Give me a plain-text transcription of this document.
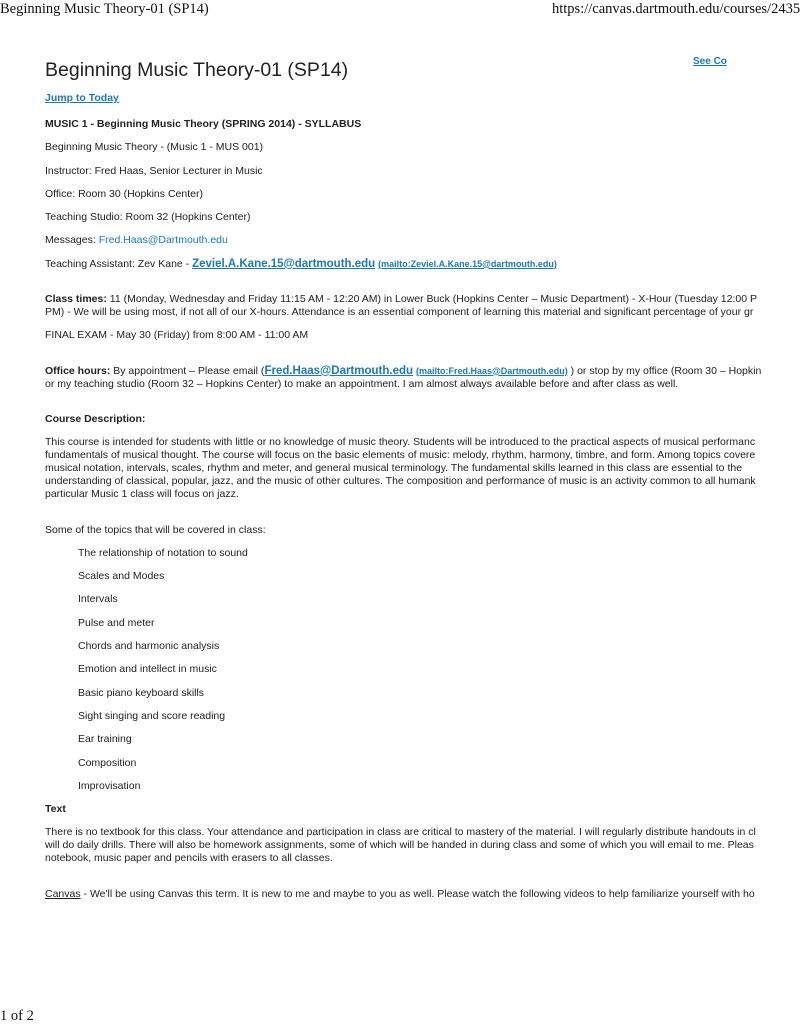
Beginning Music Theory-01 (SP14)	https://canvas.dartmouth.edu/courses/2435
See Co
Beginning Music Theory-01 (SP14)
Jump to Today

MUSIC 1 - Beginning Music Theory (SPRING 2014) - SYLLABUS

Beginning Music Theory - (Music 1 - MUS 001)

Instructor: Fred Haas, Senior Lecturer in Music

Office: Room 30 (Hopkins Center)

Teaching Studio: Room 32 (Hopkins Center)

Messages: Fred.Haas@Dartmouth.edu

Teaching Assistant: Zev Kane - Zeviel.A.Kane.15@dartmouth.edu (mailto:Zeviel.A.Kane.15@dartmouth.edu)

Class times: 11 (Monday, Wednesday and Friday 11:15 AM - 12:20 AM) in Lower Buck (Hopkins Center – Music Department) - X-Hour (Tuesday 12:00 P
PM) - We will be using most, if not all of our X-hours. Attendance is an essential component of learning this material and significant percentage of your gr

FINAL EXAM - May 30 (Friday) from 8:00 AM - 11:00 AM

Office hours: By appointment – Please email (Fred.Haas@Dartmouth.edu (mailto:Fred.Haas@Dartmouth.edu) ) or stop by my office (Room 30 – Hopkin
or my teaching studio (Room 32 – Hopkins Center) to make an appointment. I am almost always available before and after class as well.

Course Description:

This course is intended for students with little or no knowledge of music theory. Students will be introduced to the practical aspects of musical performanc
fundamentals of musical thought. The course will focus on the basic elements of music: melody, rhythm, harmony, timbre, and form. Among topics covere
musical notation, intervals, scales, rhythm and meter, and general musical terminology. The fundamental skills learned in this class are essential to the
understanding of classical, popular, jazz, and the music of other cultures. The composition and performance of music is an activity common to all humank
particular Music 1 class will focus on jazz.

Some of the topics that will be covered in class:

The relationship of notation to sound
Scales and Modes
Intervals
Pulse and meter
Chords and harmonic analysis
Emotion and intellect in music
Basic piano keyboard skills
Sight singing and score reading
Ear training
Composition
Improvisation

Text

There is no textbook for this class. Your attendance and participation in class are critical to mastery of the material. I will regularly distribute handouts in cl
will do daily drills. There will also be homework assignments, some of which will be handed in during class and some of which you will email to me. Pleas
notebook, music paper and pencils with erasers to all classes.

Canvas - We'll be using Canvas this term. It is new to me and maybe to you as well. Please watch the following videos to help familiarize yourself with ho

1 of 2
